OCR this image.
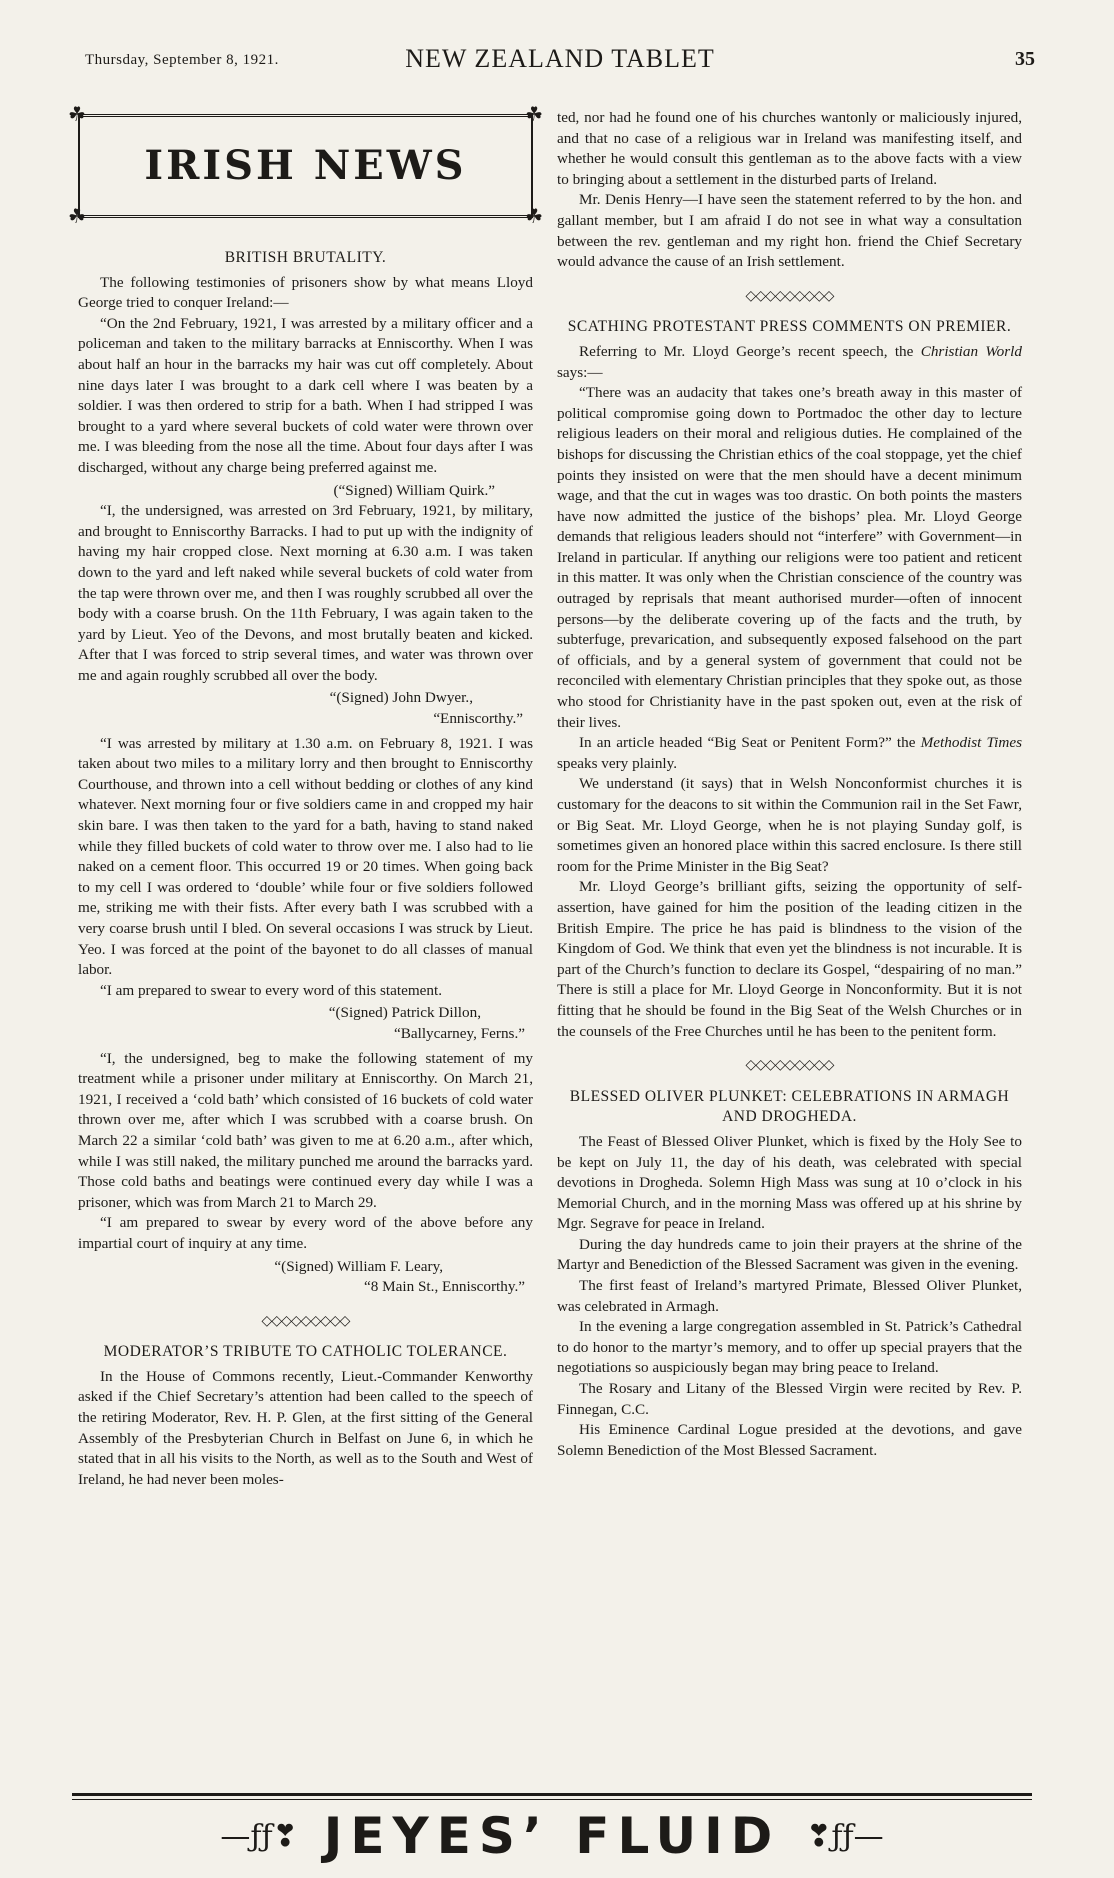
Thursday, September 8, 1921.	NEW ZEALAND TABLET	35
☘	☘
☘	☘
IRISH NEWS
BRITISH BRUTALITY.

The following testimonies of prisoners show by what means Lloyd George tried to conquer Ireland:—

“On the 2nd February, 1921, I was arrested by a military officer and a policeman and taken to the military barracks at Enniscorthy. When I was about half an hour in the barracks my hair was cut off completely. About nine days later I was brought to a dark cell where I was beaten by a soldier. I was then ordered to strip for a bath. When I had stripped I was brought to a yard where several buckets of cold water were thrown over me. I was bleeding from the nose all the time. About four days after I was discharged, without any charge being preferred against me.

(“Signed) William Quirk.”

“I, the undersigned, was arrested on 3rd February, 1921, by military, and brought to Enniscorthy Barracks. I had to put up with the indignity of having my hair cropped close. Next morning at 6.30 a.m. I was taken down to the yard and left naked while several buckets of cold water from the tap were thrown over me, and then I was roughly scrubbed all over the body with a coarse brush. On the 11th February, I was again taken to the yard by Lieut. Yeo of the Devons, and most brutally beaten and kicked. After that I was forced to strip several times, and water was thrown over me and again roughly scrubbed all over the body.

“(Signed) John Dwyer.,

“Enniscorthy.”

“I was arrested by military at 1.30 a.m. on February 8, 1921. I was taken about two miles to a military lorry and then brought to Enniscorthy Courthouse, and thrown into a cell without bedding or clothes of any kind whatever. Next morning four or five soldiers came in and cropped my hair skin bare. I was then taken to the yard for a bath, having to stand naked while they filled buckets of cold water to throw over me. I also had to lie naked on a cement floor. This occurred 19 or 20 times. When going back to my cell I was ordered to ‘double’ while four or five soldiers followed me, striking me with their fists. After every bath I was scrubbed with a very coarse brush until I bled. On several occasions I was struck by Lieut. Yeo. I was forced at the point of the bayonet to do all classes of manual labor.

“I am prepared to swear to every word of this statement.

“(Signed) Patrick Dillon,

“Ballycarney, Ferns.”

“I, the undersigned, beg to make the following statement of my treatment while a prisoner under military at Enniscorthy. On March 21, 1921, I received a ‘cold bath’ which consisted of 16 buckets of cold water thrown over me, after which I was scrubbed with a coarse brush. On March 22 a similar ‘cold bath’ was given to me at 6.20 a.m., after which, while I was still naked, the military punched me around the barracks yard. Those cold baths and beatings were continued every day while I was a prisoner, which was from March 21 to March 29.

“I am prepared to swear by every word of the above before any impartial court of inquiry at any time.

“(Signed) William F. Leary,

“8 Main St., Enniscorthy.”

◇◇◇◇◇◇◇◇◇
MODERATOR’S TRIBUTE TO CATHOLIC TOLERANCE.

In the House of Commons recently, Lieut.-Commander Kenworthy asked if the Chief Secretary’s attention had been called to the speech of the retiring Moderator, Rev. H. P. Glen, at the first sitting of the General Assembly of the Presbyterian Church in Belfast on June 6, in which he stated that in all his visits to the North, as well as to the South and West of Ireland, he had never been moles-

ted, nor had he found one of his churches wantonly or maliciously injured, and that no case of a religious war in Ireland was manifesting itself, and whether he would consult this gentleman as to the above facts with a view to bringing about a settlement in the disturbed parts of Ireland.

Mr. Denis Henry—I have seen the statement referred to by the hon. and gallant member, but I am afraid I do not see in what way a consultation between the rev. gentleman and my right hon. friend the Chief Secretary would advance the cause of an Irish settlement.

◇◇◇◇◇◇◇◇◇
SCATHING PROTESTANT PRESS COMMENTS ON PREMIER.

Referring to Mr. Lloyd George’s recent speech, the Christian World says:—

“There was an audacity that takes one’s breath away in this master of political compromise going down to Portmadoc the other day to lecture religious leaders on their moral and religious duties. He complained of the bishops for discussing the Christian ethics of the coal stoppage, yet the chief points they insisted on were that the men should have a decent minimum wage, and that the cut in wages was too drastic. On both points the masters have now admitted the justice of the bishops’ plea. Mr. Lloyd George demands that religious leaders should not “interfere” with Government—in Ireland in particular. If anything our religions were too patient and reticent in this matter. It was only when the Christian conscience of the country was outraged by reprisals that meant authorised murder—often of innocent persons—by the deliberate covering up of the facts and the truth, by subterfuge, prevarication, and subsequently exposed falsehood on the part of officials, and by a general system of government that could not be reconciled with elementary Christian principles that they spoke out, as those who stood for Christianity have in the past spoken out, even at the risk of their lives.

In an article headed “Big Seat or Penitent Form?” the Methodist Times speaks very plainly.

We understand (it says) that in Welsh Nonconformist churches it is customary for the deacons to sit within the Communion rail in the Set Fawr, or Big Seat. Mr. Lloyd George, when he is not playing Sunday golf, is sometimes given an honored place within this sacred enclosure. Is there still room for the Prime Minister in the Big Seat?

Mr. Lloyd George’s brilliant gifts, seizing the opportunity of self-assertion, have gained for him the position of the leading citizen in the British Empire. The price he has paid is blindness to the vision of the Kingdom of God. We think that even yet the blindness is not incurable. It is part of the Church’s function to declare its Gospel, “despairing of no man.” There is still a place for Mr. Lloyd George in Nonconformity. But it is not fitting that he should be found in the Big Seat of the Welsh Churches or in the counsels of the Free Churches until he has been to the penitent form.

◇◇◇◇◇◇◇◇◇
BLESSED OLIVER PLUNKET: CELEBRATIONS IN ARMAGH AND DROGHEDA.

The Feast of Blessed Oliver Plunket, which is fixed by the Holy See to be kept on July 11, the day of his death, was celebrated with special devotions in Drogheda. Solemn High Mass was sung at 10 o’clock in his Memorial Church, and in the morning Mass was offered up at his shrine by Mgr. Segrave for peace in Ireland.

During the day hundreds came to join their prayers at the shrine of the Martyr and Benediction of the Blessed Sacrament was given in the evening.

The first feast of Ireland’s martyred Primate, Blessed Oliver Plunket, was celebrated in Armagh.

In the evening a large congregation assembled in St. Patrick’s Cathedral to do honor to the martyr’s memory, and to offer up special prayers that the negotiations so auspiciously began may bring peace to Ireland.

The Rosary and Litany of the Blessed Virgin were recited by Rev. P. Finnegan, C.C.

His Eminence Cardinal Logue presided at the devotions, and gave Solemn Benediction of the Most Blessed Sacrament.

—ƒƒ❣ JEYES’ FLUID ❣ƒƒ—
